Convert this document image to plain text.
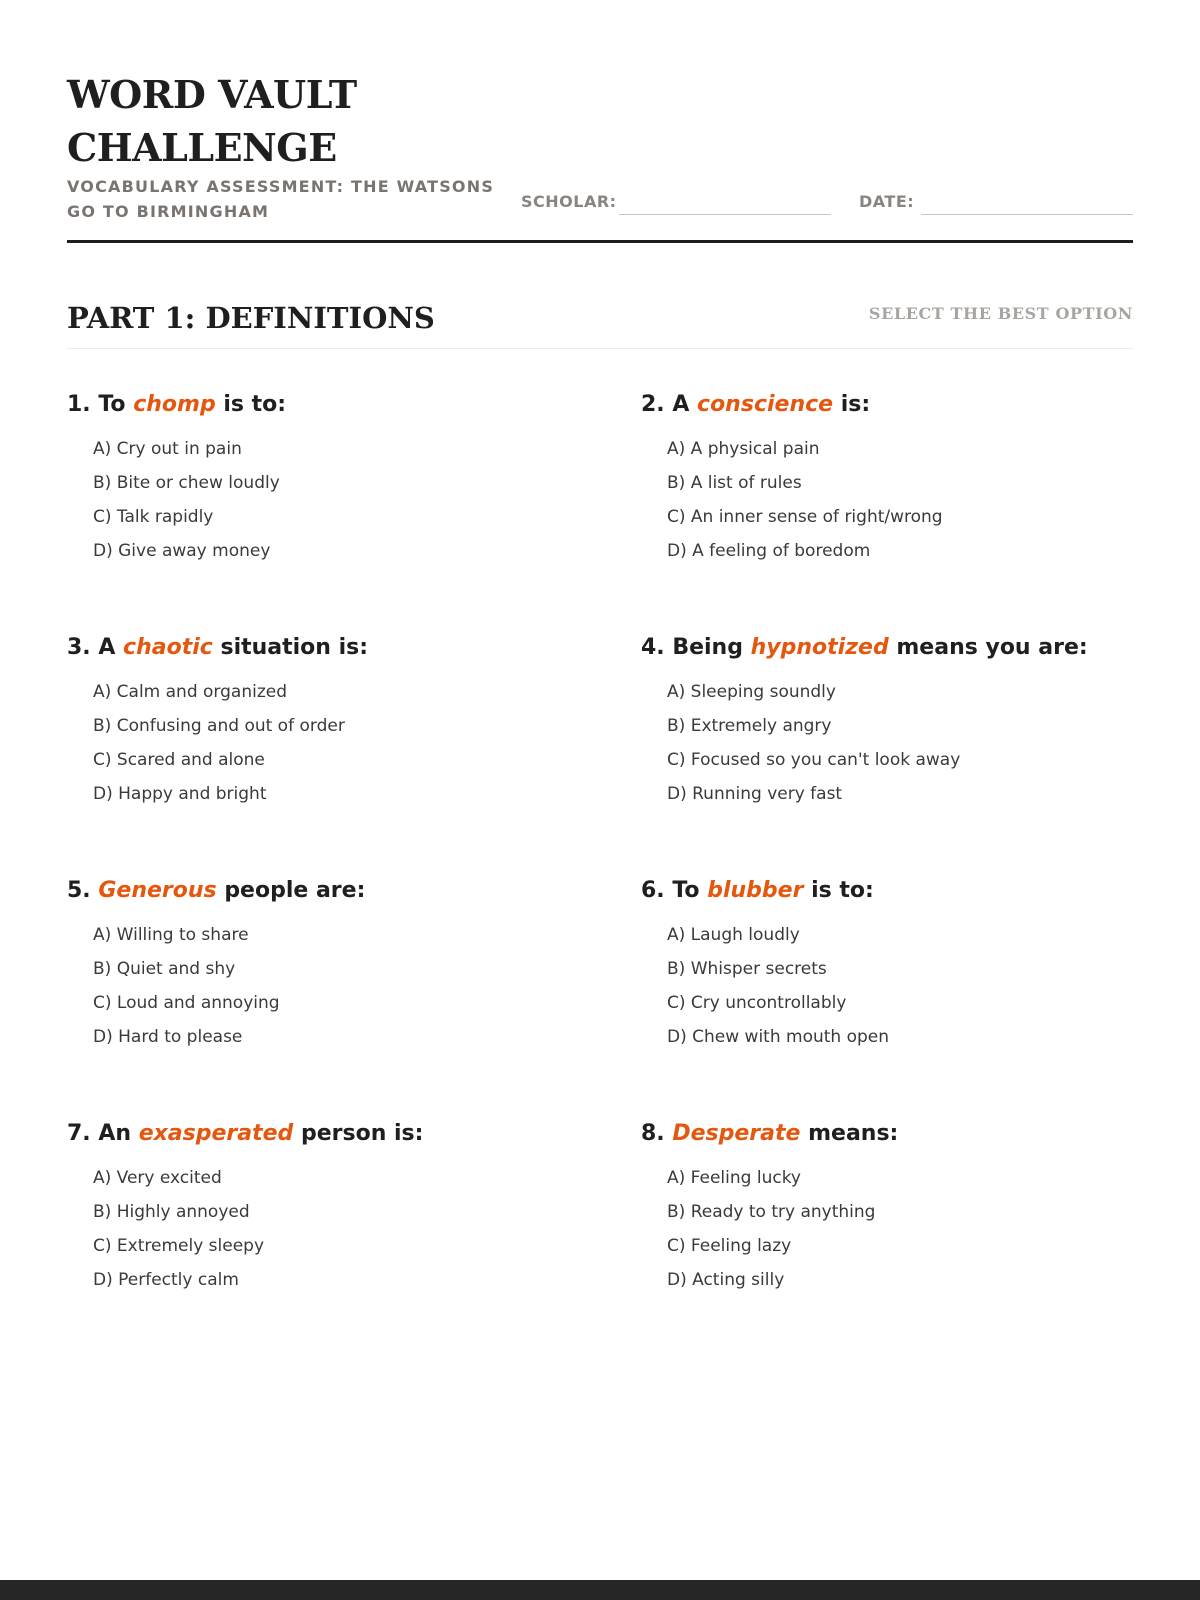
WORD VAULT CHALLENGE
VOCABULARY ASSESSMENT: THE WATSONS GO TO BIRMINGHAM
SCHOLAR:	DATE:
PART 1: DEFINITIONS	SELECT THE BEST OPTION

1. To chomp is to:

A) Cry out in pain
B) Bite or chew loudly
C) Talk rapidly
D) Give away money

2. A conscience is:

A) A physical pain
B) A list of rules
C) An inner sense of right/wrong
D) A feeling of boredom

3. A chaotic situation is:

A) Calm and organized
B) Confusing and out of order
C) Scared and alone
D) Happy and bright

4. Being hypnotized means you are:

A) Sleeping soundly
B) Extremely angry
C) Focused so you can't look away
D) Running very fast

5. Generous people are:

A) Willing to share
B) Quiet and shy
C) Loud and annoying
D) Hard to please

6. To blubber is to:

A) Laugh loudly
B) Whisper secrets
C) Cry uncontrollably
D) Chew with mouth open

7. An exasperated person is:

A) Very excited
B) Highly annoyed
C) Extremely sleepy
D) Perfectly calm

8. Desperate means:

A) Feeling lucky
B) Ready to try anything
C) Feeling lazy
D) Acting silly
